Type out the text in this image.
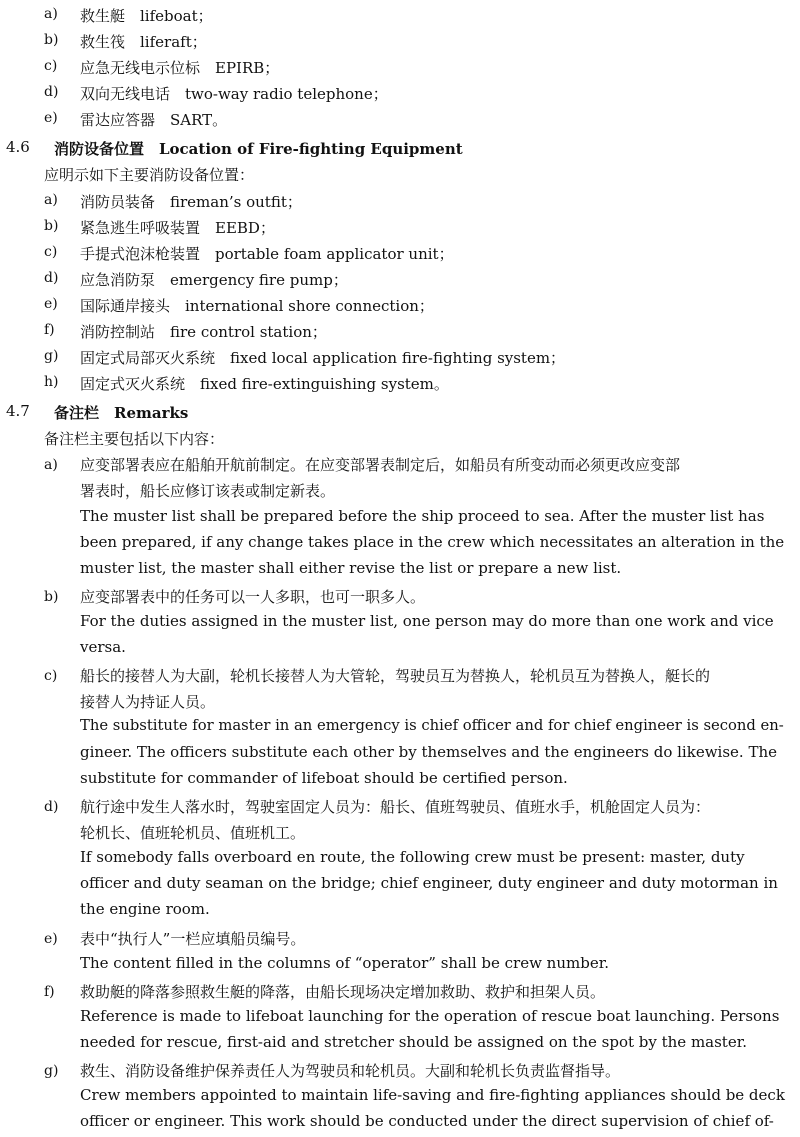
a) 救生艇　lifeboat；
b) 救生筏　liferaft；
c) 应急无线电示位标　EPIRB；
d) 双向无线电话　two-way radio telephone；
e) 雷达应答器　SART。
4.6 消防设备位置　Location of Fire-fighting Equipment
应明示如下主要消防设备位置：
a) 消防员装备　fireman’s outfit；
b) 紧急逃生呼吸装置　EEBD；
c) 手提式泡沫枪装置　portable foam applicator unit；
d) 应急消防泵　emergency fire pump；
e) 国际通岸接头　international shore connection；
f) 消防控制站　fire control station；
g) 固定式局部灭火系统　fixed local application fire-fighting system；
h) 固定式灭火系统　fixed fire-extinguishing system。
4.7 备注栏　Remarks
备注栏主要包括以下内容：
a) 应变部署表应在船舶开航前制定。在应变部署表制定后，如船员有所变动而必须更改应变部
署表时，船长应修订该表或制定新表。
The muster list shall be prepared before the ship proceed to sea. After the muster list has
been prepared, if any change takes place in the crew which necessitates an alteration in the
muster list, the master shall either revise the list or prepare a new list.
b) 应变部署表中的任务可以一人多职，也可一职多人。
For the duties assigned in the muster list, one person may do more than one work and vice
versa.
c) 船长的接替人为大副，轮机长接替人为大管轮，驾驶员互为替换人，轮机员互为替换人，艇长的
接替人为持证人员。
The substitute for master in an emergency is chief officer and for chief engineer is second en-
gineer. The officers substitute each other by themselves and the engineers do likewise. The
substitute for commander of lifeboat should be certified person.
d) 航行途中发生人落水时，驾驶室固定人员为：船长、值班驾驶员、值班水手，机舱固定人员为：
轮机长、值班轮机员、值班机工。
If somebody falls overboard en route, the following crew must be present: master, duty
officer and duty seaman on the bridge; chief engineer, duty engineer and duty motorman in
the engine room.
e) 表中“执行人”一栏应填船员编号。
The content filled in the columns of “operator” shall be crew number.
f) 救助艇的降落参照救生艇的降落，由船长现场决定增加救助、救护和担架人员。
Reference is made to lifeboat launching for the operation of rescue boat launching. Persons
needed for rescue, first-aid and stretcher should be assigned on the spot by the master.
g) 救生、消防设备维护保养责任人为驾驶员和轮机员。大副和轮机长负责监督指导。
Crew members appointed to maintain life-saving and fire-fighting appliances should be deck
officer or engineer. This work should be conducted under the direct supervision of chief of-
